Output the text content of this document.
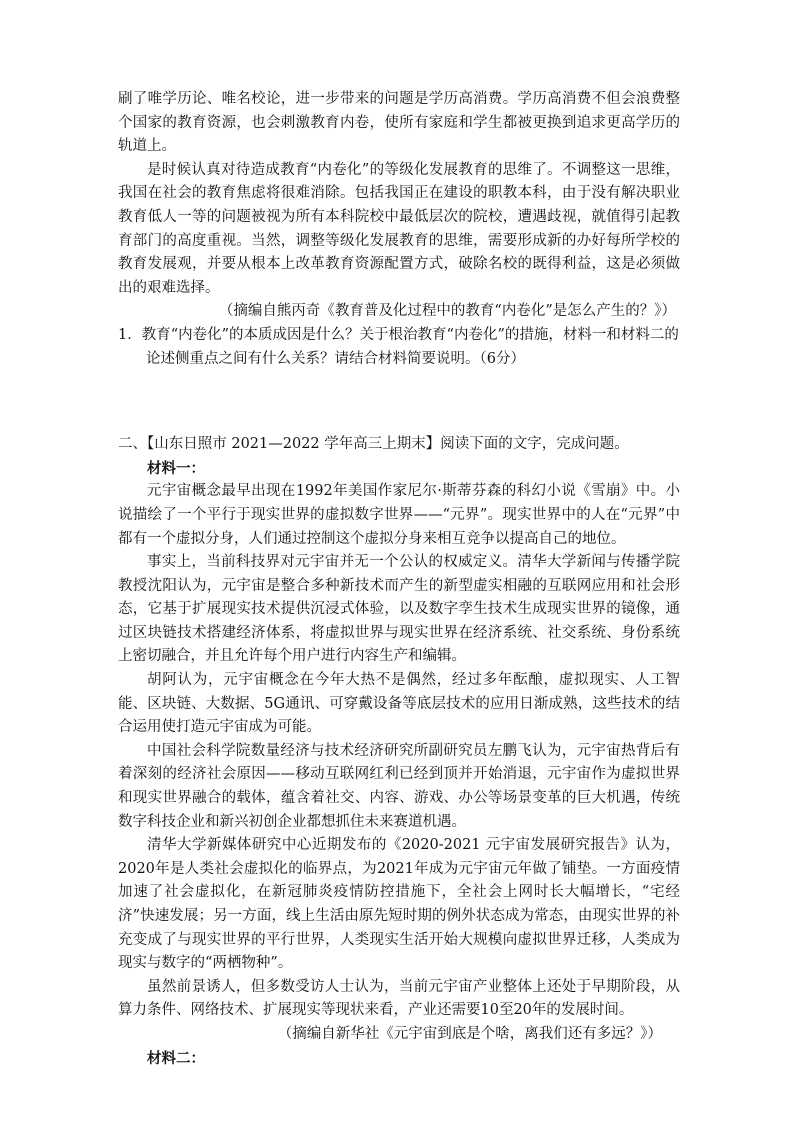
刷了唯学历论、唯名校论，进一步带来的问题是学历高消费。学历高消费不但会浪费整个国家的教育资源，也会刺激教育内卷，使所有家庭和学生都被更换到追求更高学历的轨道上。

是时候认真对待造成教育“内卷化”的等级化发展教育的思维了。不调整这一思维，我国在社会的教育焦虑将很难消除。包括我国正在建设的职教本科，由于没有解决职业教育低人一等的问题被视为所有本科院校中最低层次的院校，遭遇歧视，就值得引起教育部门的高度重视。当然，调整等级化发展教育的思维，需要形成新的办好每所学校的教育发展观，并要从根本上改革教育资源配置方式，破除名校的既得利益，这是必须做出的艰难选择。

（摘编自熊丙奇《教育普及化过程中的教育“内卷化”是怎么产生的？》）

1．教育“内卷化”的本质成因是什么？关于根治教育“内卷化”的措施，材料一和材料二的论述侧重点之间有什么关系？请结合材料简要说明。（6分）

二、【山东日照市 2021—2022 学年高三上期末】阅读下面的文字，完成问题。

材料一：

元宇宙概念最早出现在1992年美国作家尼尔·斯蒂芬森的科幻小说《雪崩》中。小说描绘了一个平行于现实世界的虚拟数字世界——“元界”。现实世界中的人在“元界”中都有一个虚拟分身，人们通过控制这个虚拟分身来相互竞争以提高自己的地位。

事实上，当前科技界对元宇宙并无一个公认的权威定义。清华大学新闻与传播学院教授沈阳认为，元宇宙是整合多种新技术而产生的新型虚实相融的互联网应用和社会形态，它基于扩展现实技术提供沉浸式体验，以及数字孪生技术生成现实世界的镜像，通过区块链技术搭建经济体系，将虚拟世界与现实世界在经济系统、社交系统、身份系统上密切融合，并且允许每个用户进行内容生产和编辑。

胡阿认为，元宇宙概念在今年大热不是偶然，经过多年酝酿，虚拟现实、人工智能、区块链、大数据、5G通讯、可穿戴设备等底层技术的应用日渐成熟，这些技术的结合运用使打造元宇宙成为可能。

中国社会科学院数量经济与技术经济研究所副研究员左鹏飞认为，元宇宙热背后有着深刻的经济社会原因——移动互联网红利已经到顶并开始消退，元宇宙作为虚拟世界和现实世界融合的载体，蕴含着社交、内容、游戏、办公等场景变革的巨大机遇，传统数字科技企业和新兴初创企业都想抓住未来赛道机遇。

清华大学新媒体研究中心近期发布的《2020-2021 元宇宙发展研究报告》认为，2020年是人类社会虚拟化的临界点，为2021年成为元宇宙元年做了铺垫。一方面疫情加速了社会虚拟化，在新冠肺炎疫情防控措施下，全社会上网时长大幅增长，“宅经济”快速发展；另一方面，线上生活由原先短时期的例外状态成为常态，由现实世界的补充变成了与现实世界的平行世界，人类现实生活开始大规模向虚拟世界迁移，人类成为现实与数字的“两栖物种”。

虽然前景诱人，但多数受访人士认为，当前元宇宙产业整体上还处于早期阶段，从算力条件、网络技术、扩展现实等现状来看，产业还需要10至20年的发展时间。

（摘编自新华社《元宇宙到底是个啥，离我们还有多远？》）

材料二：
